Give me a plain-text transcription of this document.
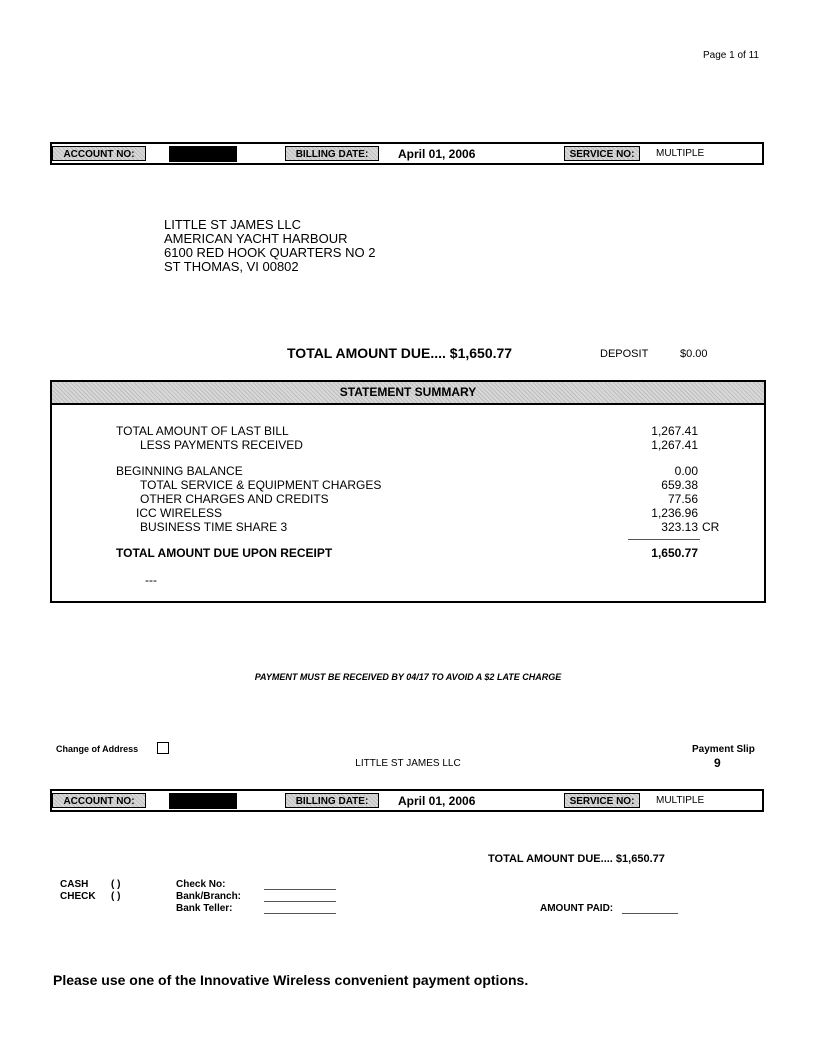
Page 1 of 11
ACCOUNT NO:	BILLING DATE:	April 01, 2006	SERVICE NO:	MULTIPLE
LITTLE ST JAMES LLC
AMERICAN YACHT HARBOUR
6100 RED HOOK QUARTERS NO 2
ST THOMAS, VI 00802
TOTAL AMOUNT DUE.... $1,650.77	DEPOSIT	$0.00
STATEMENT SUMMARY
TOTAL AMOUNT OF LAST BILL	1,267.41
LESS PAYMENTS RECEIVED	1,267.41
BEGINNING BALANCE	0.00
TOTAL SERVICE & EQUIPMENT CHARGES	659.38
OTHER CHARGES AND CREDITS	77.56
ICC WIRELESS	1,236.96
BUSINESS TIME SHARE 3	323.13 CR
TOTAL AMOUNT DUE UPON RECEIPT	1,650.77
---
PAYMENT MUST BE RECEIVED BY 04/17 TO AVOID A $2 LATE CHARGE
Change of Address
LITTLE ST JAMES LLC
Payment Slip
9
ACCOUNT NO:	BILLING DATE:	April 01, 2006	SERVICE NO:	MULTIPLE
TOTAL AMOUNT DUE.... $1,650.77
CASH ( )
CHECK ( )
Check No:
Bank/Branch:
Bank Teller:	AMOUNT PAID:
Please use one of the Innovative Wireless convenient payment options.
